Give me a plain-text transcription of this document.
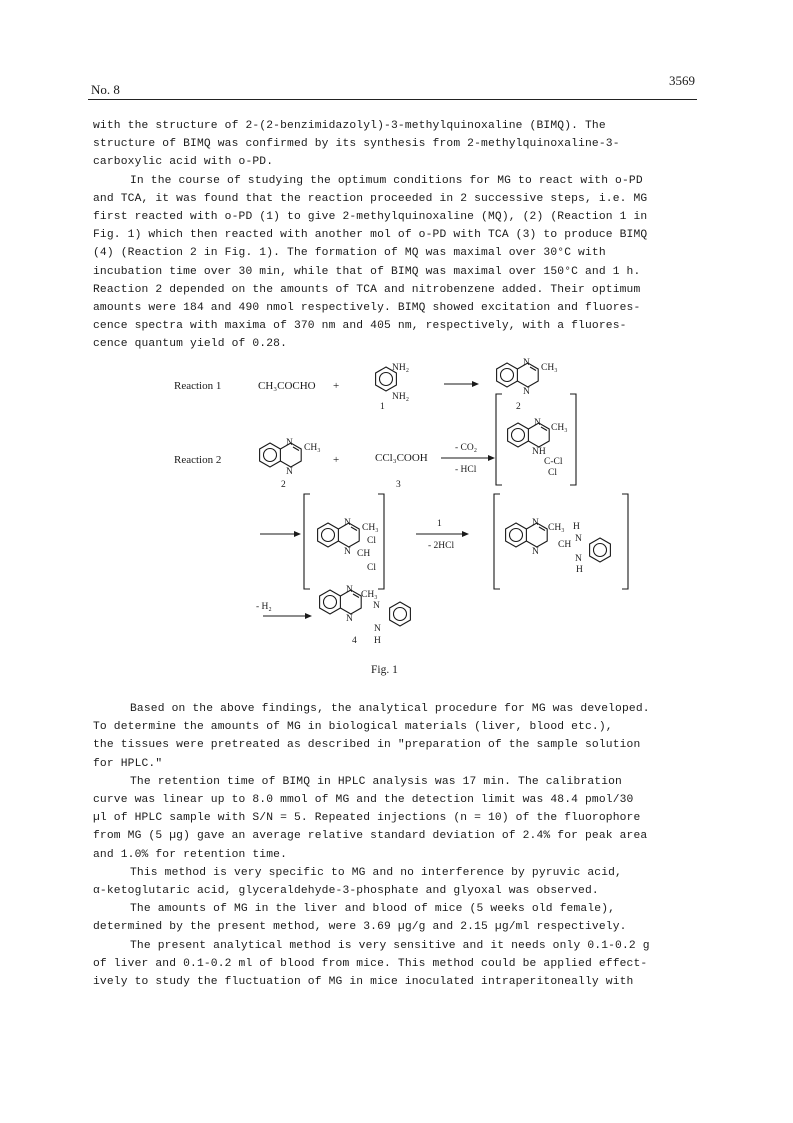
No. 8
3569

with the structure of 2-(2-benzimidazolyl)-3-methylquinoxaline (BIMQ). The

structure of BIMQ was confirmed by its synthesis from 2-methylquinoxaline-3-

carboxylic acid with o-PD.

In the course of studying the optimum conditions for MG to react with o-PD

and TCA, it was found that the reaction proceeded in 2 successive steps, i.e. MG

first reacted with o-PD (1) to give 2-methylquinoxaline (MQ), (2) (Reaction 1 in

Fig. 1) which then reacted with another mol of o-PD with TCA (3) to produce BIMQ

(4) (Reaction 2 in Fig. 1). The formation of MQ was maximal over 30°C with

incubation time over 30 min, while that of BIMQ was maximal over 150°C and 1 h.

Reaction 2 depended on the amounts of TCA and nitrobenzene added. Their optimum

amounts were 184 and 490 nmol respectively. BIMQ showed excitation and fluores-

cence spectra with maxima of 370 nm and 405 nm, respectively, with a fluores-

cence quantum yield of 0.28.

Reaction 1	CH₃COCHO +
NH₂
NH₂
1
N
N
CH₃
2
Reaction 2
N
N
CH₃
2
+	CCl₃COOH
3
- CO₂
- HCl
N
NH
CH₃
C-Cl
Cl
N
N
CH₃
CH
Cl
Cl
1
- 2HCl
N
N
CH₃ H
CH
N
N
H
- H₂
N
N
CH₃
N
N
H
4
Fig. 1

Based on the above findings, the analytical procedure for MG was developed.

To determine the amounts of MG in biological materials (liver, blood etc.),

the tissues were pretreated as described in "preparation of the sample solution

for HPLC."

The retention time of BIMQ in HPLC analysis was 17 min. The calibration

curve was linear up to 8.0 mmol of MG and the detection limit was 48.4 pmol/30

µl of HPLC sample with S/N = 5. Repeated injections (n = 10) of the fluorophore

from MG (5 µg) gave an average relative standard deviation of 2.4% for peak area

and 1.0% for retention time.

This method is very specific to MG and no interference by pyruvic acid,

α-ketoglutaric acid, glyceraldehyde-3-phosphate and glyoxal was observed.

The amounts of MG in the liver and blood of mice (5 weeks old female),

determined by the present method, were 3.69 µg/g and 2.15 µg/ml respectively.

The present analytical method is very sensitive and it needs only 0.1-0.2 g

of liver and 0.1-0.2 ml of blood from mice. This method could be applied effect-

ively to study the fluctuation of MG in mice inoculated intraperitoneally with
